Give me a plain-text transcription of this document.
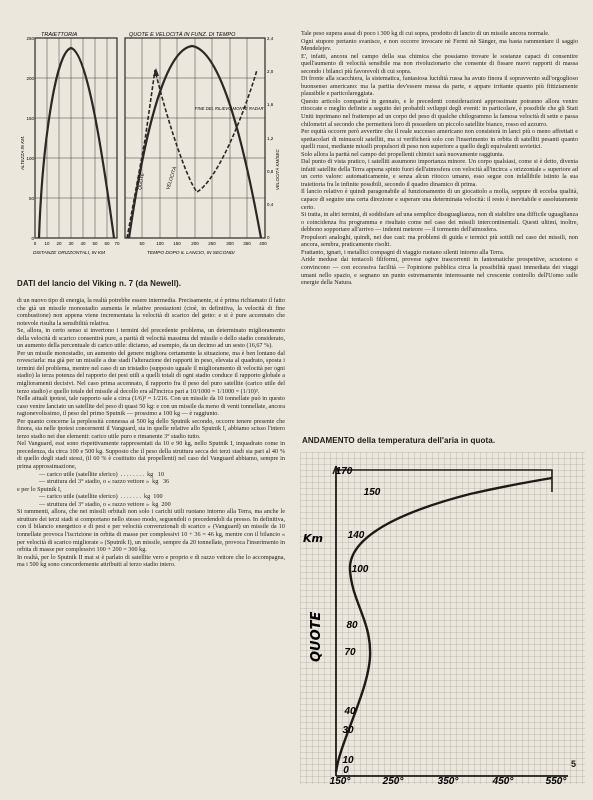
TRAIETTORIA	QUOTE E VELOCITÀ IN FUNZ. DI TEMPO
FINE DEL RILIEVO MONTE RADAR
VELOCITÀ
QUOTE
ALTEZZA IN KM.	VELOCITÀ KM/SEC
250
200
150
100
50
0
2,4
2,0
1,6
1,2
0,8
0,4
0
0 10 20 30 40 50 60 70	50	100 150 200 250 300 350 400
DISTANZE ORIZZONTALI, IN KM	TEMPO DOPO IL LANCIO, IN SECONDI
DATI del lancio del Viking n. 7 (da Newell).

di un nuovo tipo di energia, la realtà potrebbe essere intermedia. Precisamente, si è prima richiamato il fatto che già un missile monostadio aumenta le relative prestazioni (cioè, in definitiva, la velocità di fine combustione) non appena viene incrementata la velocità di scarico del getto: e si è pure accennato che notevole risulta la sensibilità relativa.

Se, allora, in certo senso si invertono i termini del precedente problema, un determinato miglioramento della velocità di scarico consentirà pure, a parità di velocità massima del missile o dello stadio considerato, un aumento della percentuale di carico utile: diciamo, ad esempio, da un decimo ad un sesto (16,67 %).

Per un missile monostadio, un aumento del genere migliora certamente la situazione, ma è ben lontano dal rovesciarla: ma già per un missile a due stadi l'alterazione dei rapporti in peso, elevata al quadrato, sposta i termini del problema, mentre nel caso di un tristadio (supposto uguale il miglioramento di velocità per ogni stadio) la terza potenza del rapporto dei pesi utili a quelli totali di ogni stadio conduce il rapporto globale a miglioramenti decisivi. Nel caso prima accennato, il rapporto fra il peso del puro satellite (carico utile del terzo stadio) e quello totale del missile al decollo era all'incirca pari a 10/1000 = 1/1000 = (1/10)³.

Nelle attuali ipotesi, tale rapporto sale a circa (1/6)³ = 1/216. Con un missile da 10 tonnellate può in questo caso venire lanciato un satellite del peso di quasi 50 kg: e con un missile da meno di venti tonnellate, ancora ragionevolissimo, il peso del primo Sputnik — prossimo a 100 kg — è raggiunto.

Per quanto concerne la perplessità connessa ai 500 kg dello Sputnik secondo, occorre tenere presente che finora, sia nelle ipotesi concernenti il Vanguard, sia in quelle relative allo Sputnik I, abbiamo scisso l'intero terzo stadio nei due elementi: carico utile puro e rimanente 3° stadio tutto.

Nel Vanguard, essi sono rispettivamente rappresentati da 10 e 90 kg, nello Sputnik I, inquadrato come in precedenza, da circa 100 e 500 kg. Supposto che il peso della struttura secca dei terzi stadi sia pari al 40 % di quello degli stadi stessi, (il 60 % è costituito dai propellenti) nel caso del Vanguard abbiamo, sempre in prima approssimazione,

— carico utile (satellite sferico)  . . . . . . . .  kg   10

— struttura del 3° stadio, o « razzo vettore »  kg   36

e per lo Sputnik I,

— carico utile (satellite sferico)  . . . . . . .  kg  100

— struttura del 3° stadio, o « razzo vettore »  kg  200

Si rammenti, allora, che nei missili orbitali non solo i carichi utili ruotano intorno alla Terra, ma anche le strutture dei terzi stadi si comportano nello stesso modo, seguendoli o precedendoli da presso. In definitiva, con il bilancio energetico e di pesi e per velocità convenzionali di scarico » (Vanguard) un missile da 10 tonnellate provoca l'iscrizione in orbita di masse per complessivi 10 + 36 = 46 kg, mentre con il bilancio « per velocità di scarico migliorate » (Sputnik I), un missile, sempre da 20 tonnellate, provoca l'inserimento in orbita di masse per complessivi 100 + 200 = 300 kg.

In realtà, per lo Sputnik II mai si è parlato di satellite vero e proprio e di razzo vettore che lo accompagna, ma i 500 kg sono concordemente attribuiti al terzo stadio intero.

Tale peso supera assai di poco i 300 kg di cui sopra, prodotto di lancio di un missile ancora normale.

Ogni stupore pertanto svanisce, e non occorre invocare nè Fermi nè Sänger, ma basta rammentare il saggio Mendelejev.

E', infatti, ancora nel campo della sua chimica che possiamo trovare le sostanze capaci di consentire quell'aumento di velocità sensibile ma non rivoluzionario che consente di fissare nuovi rapporti di massa secondo i bilanci più favorevoli di cui sopra.

Di fronte alla scacchiera, la sistematica, fantasiosa lucidità russa ha avuto finora il sopravvento sull'orgoglioso buonsenso americano: ma la partita dev'essere messa da parte, e appare irritante quanto più fittiziamente plausibile e particolareggiata.

Questo articolo comparirà in gennaio, e le precedenti considerazioni approssimate potranno allora venire ritoccate e meglio definite a seguito dei probabili sviluppi degli eventi: in particolare, è possibile che gli Stati Uniti inprimano nel frattempo ad un corpo del peso di qualche chilogrammo la famosa velocità di sette e passa chilometri al secondo che permetterà loro di possedere un piccolo satellite bianco, rosso ed azzurro.

Per equità occorre però avvertire che il reale successo americano non consisterà in lanci più o meno affrettati e spettacolari di minuscoli satelliti, ma si verificherà solo con l'inserimento in orbita di satelliti pesanti quanto quelli russi, mediante missili propulsori di peso non superiore a quello degli equivalenti sovietici.

Solo allora la parità nel campo dei propellenti chimici sarà nuovamente raggiunta.

Dal punto di vista pratico, i satelliti assumono importanza minore. Un corpo qualsiasi, come si è detto, diventa infatti satellite della Terra appena spinto fuori dell'atmosfera con velocità all'incirca « orizzontale » superiore ad un certo valore: automaticamente, e senza alcun ritocco umano, esso segue con infallibile istinto la sua traiettoria fra le infinite possibili, secondo il quadro dinamico di prima.

Il lancio relativo è quindi paragonabile al funzionamento di un giocattolo a molla, seppure di eccelsa qualità, capace di seguire una certa direzione e superare una determinata velocità: il resto è inevitabile e assolutamente certo.

Si tratta, in altri termini, di soddisfare ad una semplice disuguaglianza, non di stabilire una difficile uguaglianza o coincidenza fra programma e risultato come nel caso dei missili intercontinentali. Questi ultimi, inoltre, debbono sopportare all'arrivo — indenni meteore — il tormento dell'atmosfera.

Propulsori analoghi, quindi, nei due casi: ma problemi di guida e termici più sottili nel caso dei missili, non ancora, sembra, praticamente risolti.

Frattanto, ignari, i metallici compagni di viaggio ruotano silenti intorno alla Terra.

Aride meduse dai tentacoli filiformi, provese ogive trascorrenti in fantomatiche prospettive, scuotono e convincono — con eccessiva facilità — l'opinione pubblica circa la possibilità quasi immediata dei viaggi umani nello spazio, e segnano un punto estremamente interessante nel crescente controllo dell'Uomo sulle energie della Natura.

ANDAMENTO della temperatura dell'aria in quota.
Km
QUOTE
170
150
140
100
80
70
40
30
10
0
150°	250°	350°	450°	550°
5
